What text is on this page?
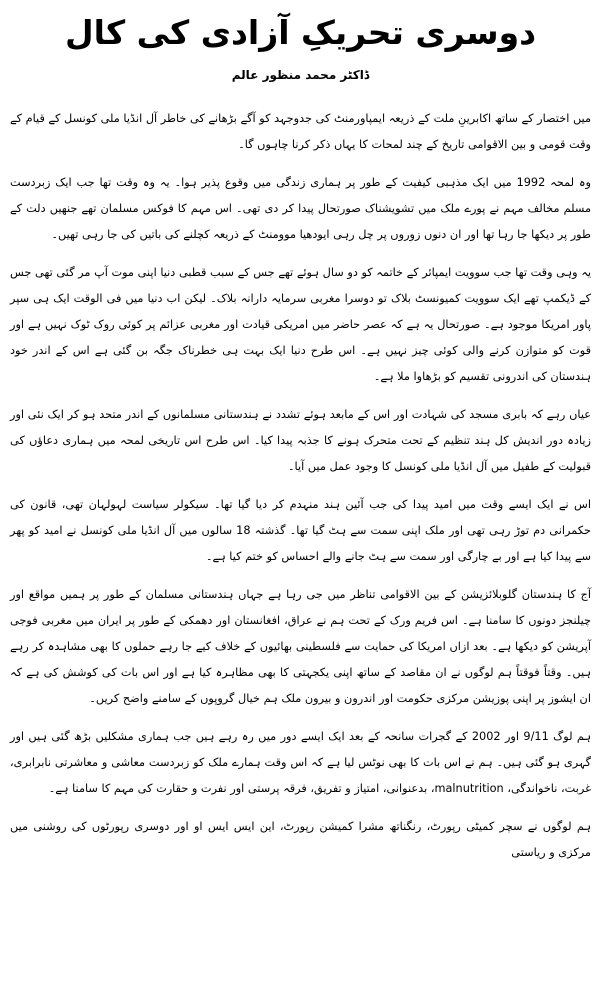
دوسری تحریکِ آزادی کی کال
ڈاکٹر محمد منظور عالم

میں اختصار کے ساتھ اکابرینِ ملت کے ذریعہ ایمپاورمنٹ کی جدوجہد کو آگے بڑھانے کی خاطر آل انڈیا ملی کونسل کے قیام کے وقت قومی و بین الاقوامی تاریخ کے چند لمحات کا یہاں ذکر کرنا چاہوں گا۔

وہ لمحہ 1992 میں ایک مذہبی کیفیت کے طور پر ہماری زندگی میں وقوع پذیر ہوا۔ یہ وہ وقت تھا جب ایک زبردست مسلم مخالف مہم نے پورے ملک میں تشویشناک صورتحال پیدا کر دی تھی۔ اس مہم کا فوکس مسلمان تھے جنھیں دلت کے طور پر دیکھا جا رہا تھا اور ان دنوں زوروں پر چل رہی ایودھیا موومنٹ کے ذریعہ کچلنے کی باتیں کی جا رہی تھیں۔

یہ وہی وقت تھا جب سوویت ایمپائر کے خاتمہ کو دو سال ہوئے تھے جس کے سبب قطبی دنیا اپنی موت آپ مر گئی تھی جس کے ڈیکمپ تھے ایک سوویت کمیونسٹ بلاک تو دوسرا مغربی سرمایہ دارانہ بلاک۔ لیکن اب دنیا میں فی الوقت ایک ہی سپر پاور امریکا موجود ہے۔ صورتحال یہ ہے کہ عصر حاضر میں امریکی قیادت اور مغربی عزائم پر کوئی روک ٹوک نہیں ہے اور قوت کو متوازن کرنے والی کوئی چیز نہیں ہے۔ اس طرح دنیا ایک بہت ہی خطرناک جگہ بن گئی ہے اس کے اندر خود ہندستان کی اندرونی تقسیم کو بڑھاوا ملا ہے۔

عیاں رہے کہ بابری مسجد کی شہادت اور اس کے مابعد ہوئے تشدد نے ہندستانی مسلمانوں کے اندر متحد ہو کر ایک نئی اور زیادہ دور اندیش کل ہند تنظیم کے تحت متحرک ہونے کا جذبہ پیدا کیا۔ اس طرح اس تاریخی لمحہ میں ہماری دعاؤں کی قبولیت کے طفیل میں آل انڈیا ملی کونسل کا وجود عمل میں آیا۔

اس نے ایک ایسے وقت میں امید پیدا کی جب آئین ہند منہدم کر دیا گیا تھا۔ سیکولر سیاست لہولہان تھی، قانون کی حکمرانی دم توڑ رہی تھی اور ملک اپنی سمت سے ہٹ گیا تھا۔ گذشتہ 18 سالوں میں آل انڈیا ملی کونسل نے امید کو پھر سے پیدا کیا ہے اور بے چارگی اور سمت سے ہٹ جانے والے احساس کو ختم کیا ہے۔

آج کا ہندستان گلوبلائزیشن کے بین الاقوامی تناظر میں جی رہا ہے جہاں ہندستانی مسلمان کے طور پر ہمیں مواقع اور چیلنجز دونوں کا سامنا ہے۔ اس فریم ورک کے تحت ہم نے عراق، افغانستان اور دھمکی کے طور پر ایران میں مغربی فوجی آپریشن کو دیکھا ہے۔ بعد ازاں امریکا کی حمایت سے فلسطینی بھائیوں کے خلاف کیے جا رہے حملوں کا بھی مشاہدہ کر رہے ہیں۔ وقتاً فوقتاً ہم لوگوں نے ان مقاصد کے ساتھ اپنی یکجہتی کا بھی مظاہرہ کیا ہے اور اس بات کی کوشش کی ہے کہ ان ایشوز پر اپنی پوزیشن مرکزی حکومت اور اندرون و بیرون ملک ہم خیال گروپوں کے سامنے واضح کریں۔

ہم لوگ 9/11 اور 2002 کے گجرات سانحہ کے بعد ایک ایسے دور میں رہ رہے ہیں جب ہماری مشکلیں بڑھ گئی ہیں اور گہری ہو گئی ہیں۔ ہم نے اس بات کا بھی نوٹس لیا ہے کہ اس وقت ہمارے ملک کو زبردست معاشی و معاشرتی نابرابری، غربت، ناخواندگی، malnutrition، بدعنوانی، امتیاز و تفریق، فرقہ پرستی اور نفرت و حقارت کی مہم کا سامنا ہے۔

ہم لوگوں نے سچر کمیٹی رپورٹ، رنگناتھ مشرا کمیشن رپورٹ، این ایس ایس او اور دوسری رپورٹوں کی روشنی میں مرکزی و ریاستی
